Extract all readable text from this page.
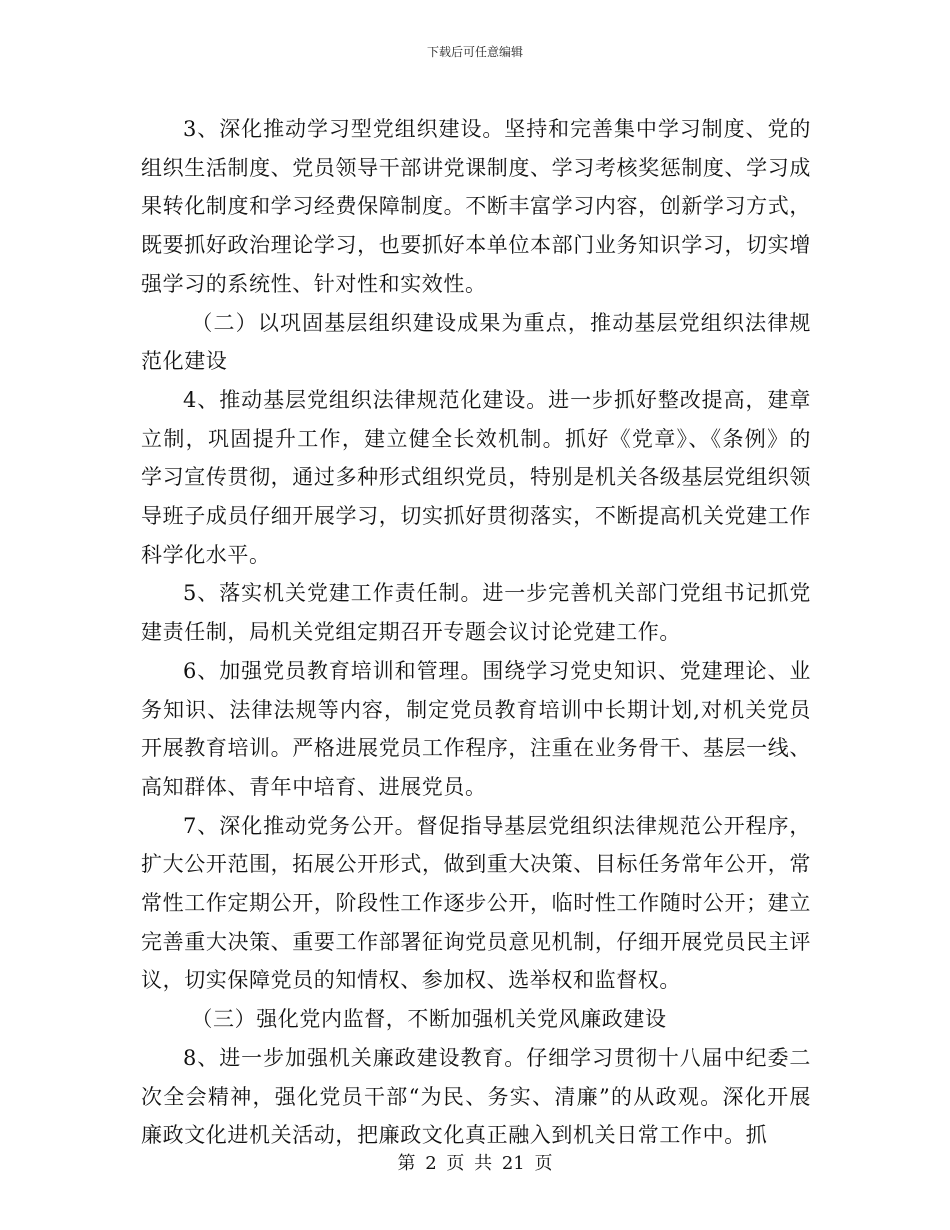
下载后可任意编辑

3、深化推动学习型党组织建设。坚持和完善集中学习制度、党的组织生活制度、党员领导干部讲党课制度、学习考核奖惩制度、学习成果转化制度和学习经费保障制度。不断丰富学习内容，创新学习方式，既要抓好政治理论学习，也要抓好本单位本部门业务知识学习，切实增强学习的系统性、针对性和实效性。

（二）以巩固基层组织建设成果为重点，推动基层党组织法律规范化建设

4、推动基层党组织法律规范化建设。进一步抓好整改提高，建章立制，巩固提升工作，建立健全长效机制。抓好《党章》、《条例》的学习宣传贯彻，通过多种形式组织党员，特别是机关各级基层党组织领导班子成员仔细开展学习，切实抓好贯彻落实，不断提高机关党建工作科学化水平。

5、落实机关党建工作责任制。进一步完善机关部门党组书记抓党建责任制，局机关党组定期召开专题会议讨论党建工作。

6、加强党员教育培训和管理。围绕学习党史知识、党建理论、业务知识、法律法规等内容，制定党员教育培训中长期计划,对机关党员开展教育培训。严格进展党员工作程序，注重在业务骨干、基层一线、高知群体、青年中培育、进展党员。

7、深化推动党务公开。督促指导基层党组织法律规范公开程序，扩大公开范围，拓展公开形式，做到重大决策、目标任务常年公开，常常性工作定期公开，阶段性工作逐步公开，临时性工作随时公开；建立完善重大决策、重要工作部署征询党员意见机制，仔细开展党员民主评议，切实保障党员的知情权、参加权、选举权和监督权。

（三）强化党内监督，不断加强机关党风廉政建设

8、进一步加强机关廉政建设教育。仔细学习贯彻十八届中纪委二次全会精神，强化党员干部“为民、务实、清廉”的从政观。深化开展廉政文化进机关活动，把廉政文化真正融入到机关日常工作中。抓

第 2 页 共 21 页
